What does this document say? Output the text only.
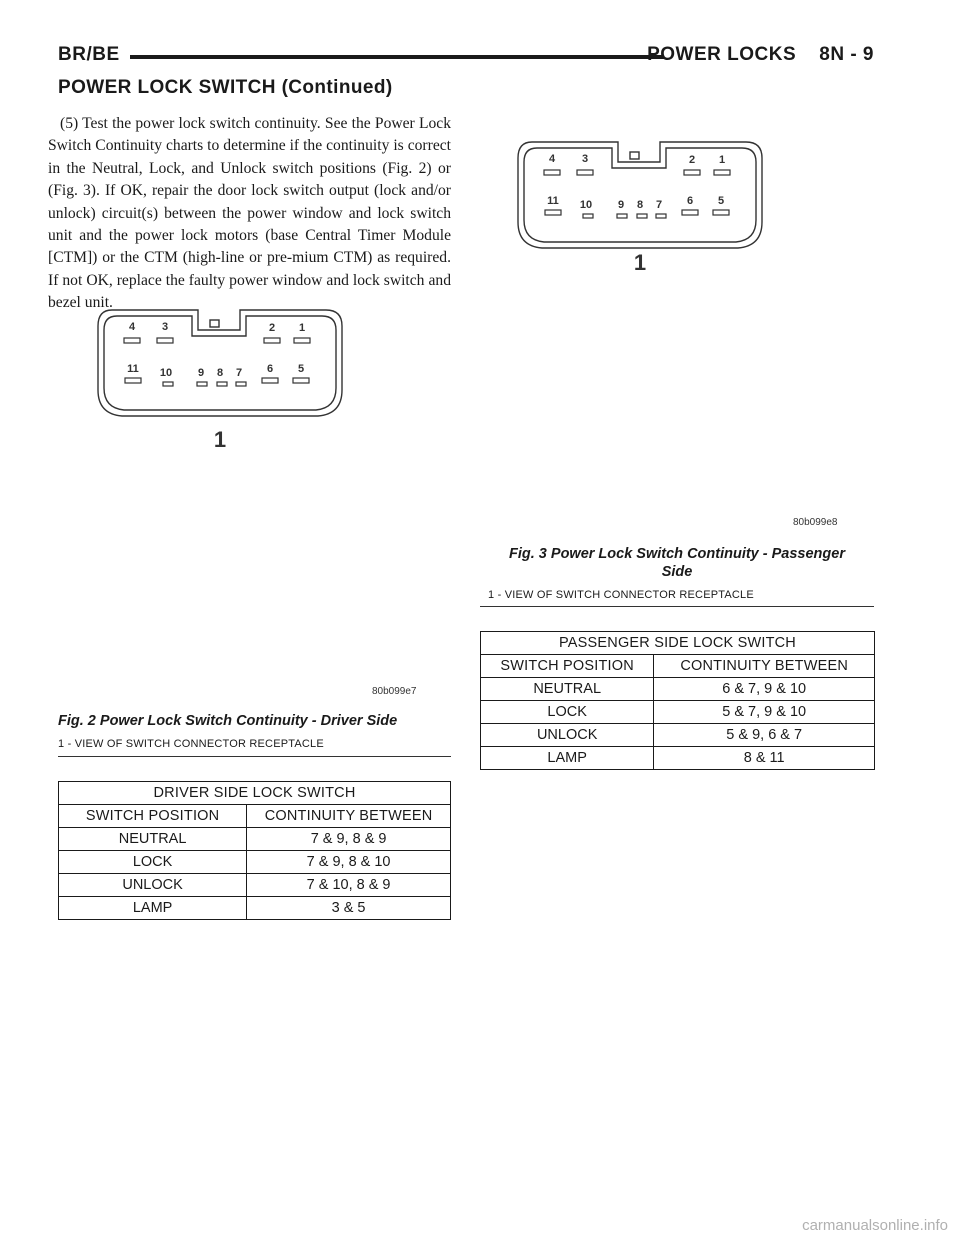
BR/BE	POWER LOCKS    8N - 9
POWER LOCK SWITCH (Continued)
(5) Test the power lock switch continuity. See the Power Lock Switch Continuity charts to determine if the continuity is correct in the Neutral, Lock, and Unlock switch positions (Fig. 2) or (Fig. 3). If OK, repair the door lock switch output (lock and/or unlock) circuit(s) between the power window and lock switch unit and the power lock motors (base Central Timer Module [CTM]) or the CTM (high-line or pre-mium CTM) as required. If not OK, replace the faulty power window and lock switch and bezel unit.
4 3	2 1
11 10 9 8 7 6 5
1
80b099e7
Fig. 2 Power Lock Switch Continuity - Driver Side
1 - VIEW OF SWITCH CONNECTOR RECEPTACLE
DRIVER SIDE LOCK SWITCH	
SWITCH POSITION	CONTINUITY BETWEEN
NEUTRAL	7 & 9, 8 & 9
LOCK	7 & 9, 8 & 10
UNLOCK	7 & 10, 8 & 9
LAMP	3 & 5
4 3	2 1
11 10 9 8 7 6 5
1
80b099e8
Fig. 3 Power Lock Switch Continuity - Passenger
Side
1 - VIEW OF SWITCH CONNECTOR RECEPTACLE
PASSENGER SIDE LOCK SWITCH	
SWITCH POSITION	CONTINUITY BETWEEN
NEUTRAL	6 & 7, 9 & 10
LOCK	5 & 7, 9 & 10
UNLOCK	5 & 9, 6 & 7
LAMP	8 & 11
carmanualsonline.info
